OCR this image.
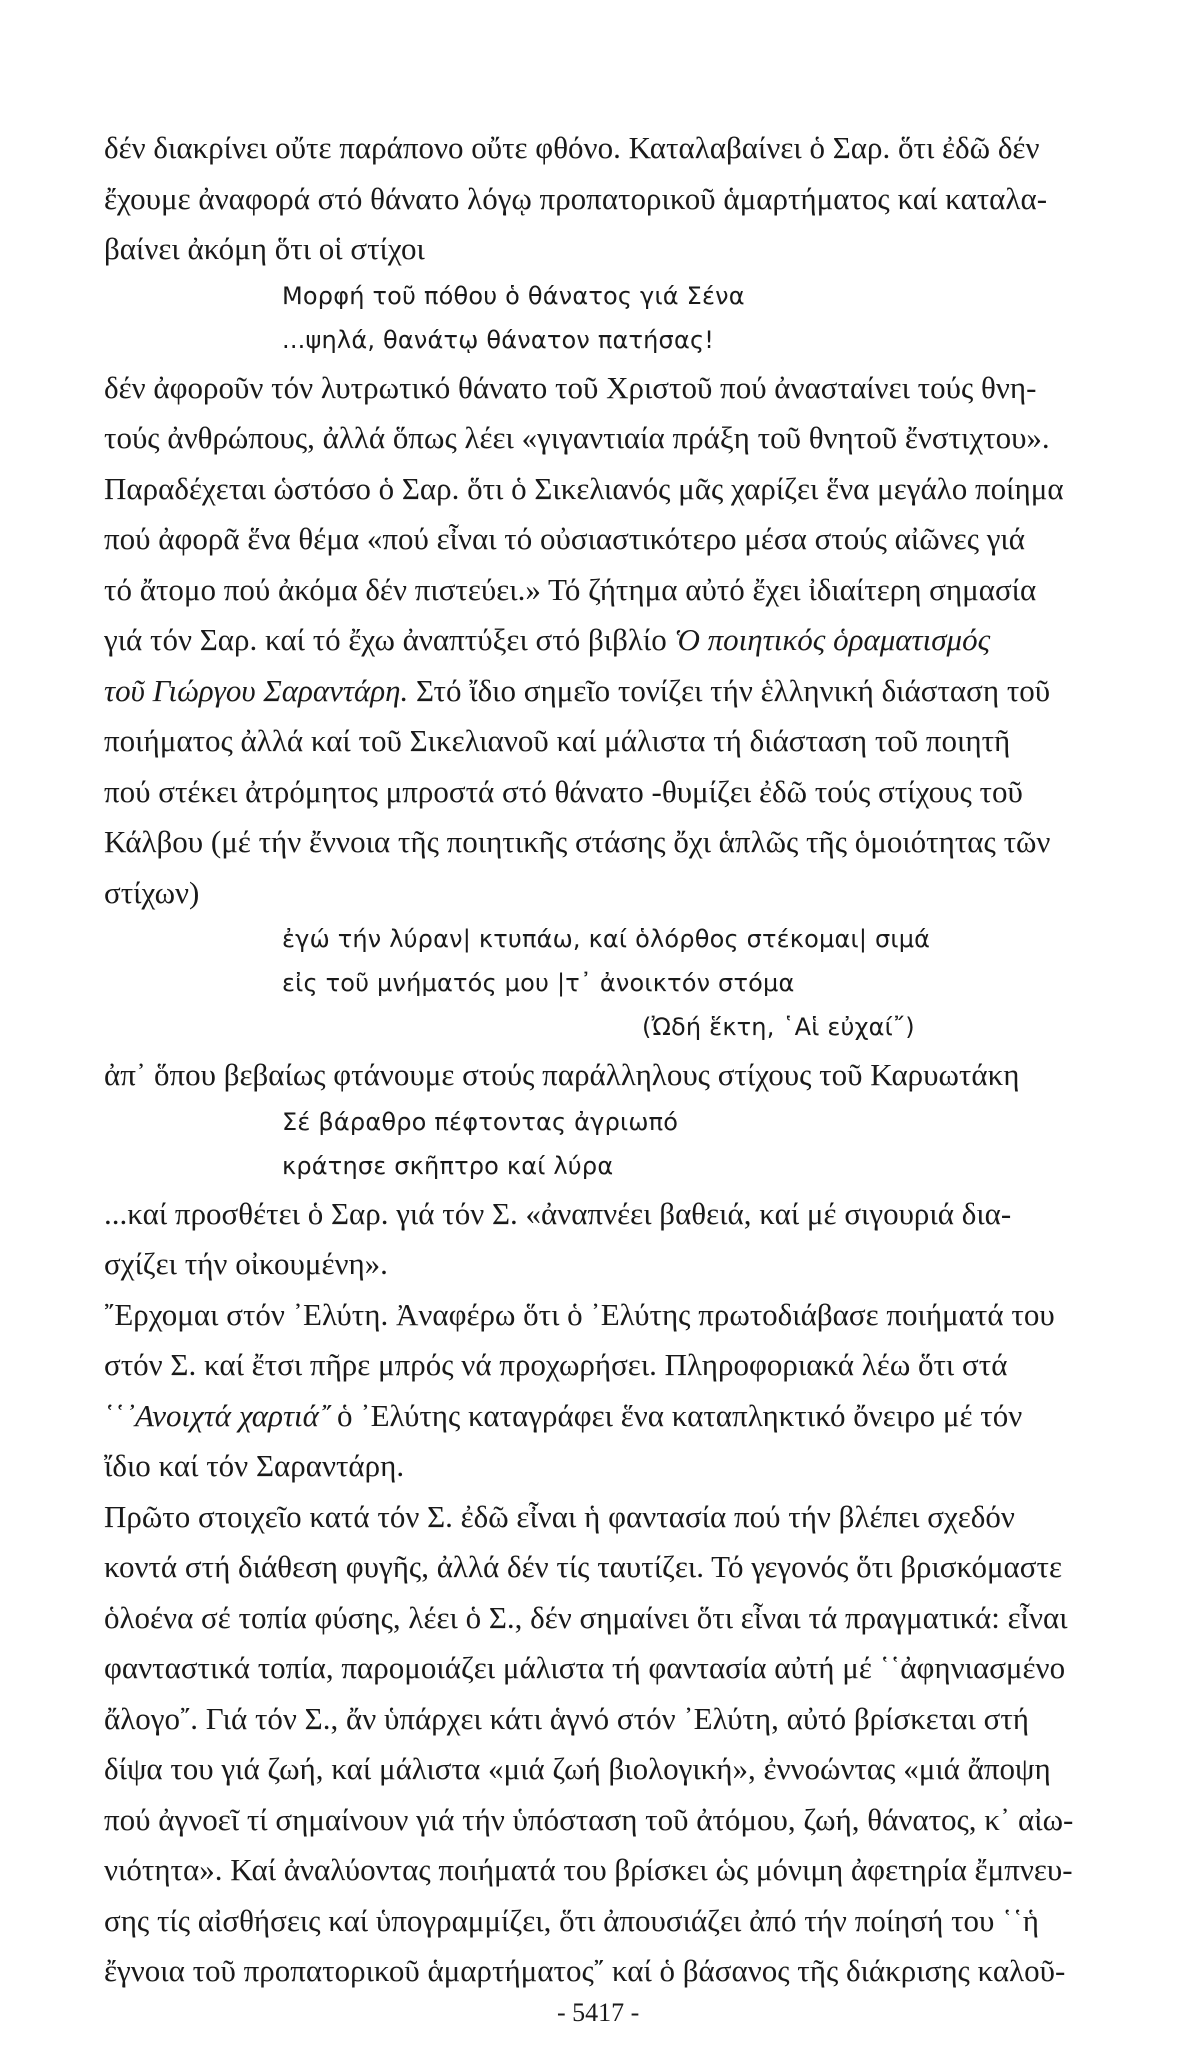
δέν διακρίνει οὔτε παράπονο οὔτε φθόνο. Καταλαβαίνει ὁ Σαρ. ὅτι ἐδῶ δέν
ἔχουμε ἀναφορά στό θάνατο λόγῳ προπατορικοῦ ἁμαρτήματος καί καταλα-
βαίνει ἀκόμη ὅτι οἱ στίχοι
Μορφή τοῦ πόθου ὁ θάνατος γιά Σένα
...ψηλά, θανάτῳ θάνατον πατήσας!
δέν ἀφοροῦν τόν λυτρωτικό θάνατο τοῦ Χριστοῦ πού ἀνασταίνει τούς θνη-
τούς ἀνθρώπους, ἀλλά ὅπως λέει «γιγαντιαία πράξη τοῦ θνητοῦ ἔνστιχτου».
Παραδέχεται ὡστόσο ὁ Σαρ. ὅτι ὁ Σικελιανός μᾶς χαρίζει ἕνα μεγάλο ποίημα
πού ἀφορᾶ ἕνα θέμα «πού εἶναι τό οὐσιαστικότερο μέσα στούς αἰῶνες γιά
τό ἄτομο πού ἀκόμα δέν πιστεύει.» Τό ζήτημα αὐτό ἔχει ἰδιαίτερη σημασία
γιά τόν Σαρ. καί τό ἔχω ἀναπτύξει στό βιβλίο Ὁ ποιητικός ὁραματισμός
τοῦ Γιώργου Σαραντάρη. Στό ἴδιο σημεῖο τονίζει τήν ἑλληνική διάσταση τοῦ
ποιήματος ἀλλά καί τοῦ Σικελιανοῦ καί μάλιστα τή διάσταση τοῦ ποιητῆ
πού στέκει ἀτρόμητος μπροστά στό θάνατο -θυμίζει ἐδῶ τούς στίχους τοῦ
Κάλβου (μέ τήν ἔννοια τῆς ποιητικῆς στάσης ὄχι ἁπλῶς τῆς ὁμοιότητας τῶν
στίχων)
ἐγώ τήν λύραν| κτυπάω, καί ὁλόρθος στέκομαι| σιμά
εἰς τοῦ μνήματός μου |τ᾽ ἀνοικτόν στόμα
(Ὠδή ἕκτη, ῾Αἱ εὐχαί῎)
ἀπ᾽ ὅπου βεβαίως φτάνουμε στούς παράλληλους στίχους τοῦ Καρυωτάκη
Σέ βάραθρο πέφτοντας ἀγριωπό
κράτησε σκῆπτρο καί λύρα
...καί προσθέτει ὁ Σαρ. γιά τόν Σ. «ἀναπνέει βαθειά, καί μέ σιγουριά δια-
σχίζει τήν οἰκουμένη».
῎Ερχομαι στόν ᾽Ελύτη. Ἀναφέρω ὅτι ὁ ᾽Ελύτης πρωτοδιάβασε ποιήματά του
στόν Σ. καί ἔτσι πῆρε μπρός νά προχωρήσει. Πληροφοριακά λέω ὅτι στά
῾῾᾽Ανοιχτά χαρτιά῎ ὁ ᾽Ελύτης καταγράφει ἕνα καταπληκτικό ὄνειρο μέ τόν
ἴδιο καί τόν Σαραντάρη.
Πρῶτο στοιχεῖο κατά τόν Σ. ἐδῶ εἶναι ἡ φαντασία πού τήν βλέπει σχεδόν
κοντά στή διάθεση φυγῆς, ἀλλά δέν τίς ταυτίζει. Τό γεγονός ὅτι βρισκόμαστε
ὁλοένα σέ τοπία φύσης, λέει ὁ Σ., δέν σημαίνει ὅτι εἶναι τά πραγματικά: εἶναι
φανταστικά τοπία, παρομοιάζει μάλιστα τή φαντασία αὐτή μέ ῾῾ἀφηνιασμένο
ἄλογο῎. Γιά τόν Σ., ἄν ὑπάρχει κάτι ἁγνό στόν ᾽Ελύτη, αὐτό βρίσκεται στή
δίψα του γιά ζωή, καί μάλιστα «μιά ζωή βιολογική», ἐννοώντας «μιά ἄποψη
πού ἀγνοεῖ τί σημαίνουν γιά τήν ὑπόσταση τοῦ ἀτόμου, ζωή, θάνατος, κ᾽ αἰω-
νιότητα». Καί ἀναλύοντας ποιήματά του βρίσκει ὡς μόνιμη ἀφετηρία ἔμπνευ-
σης τίς αἰσθήσεις καί ὑπογραμμίζει, ὅτι ἀπουσιάζει ἀπό τήν ποίησή του ῾῾ἡ
ἔγνοια τοῦ προπατορικοῦ ἁμαρτήματος῎ καί ὁ βάσανος τῆς διάκρισης καλοῦ-
- 5417 -
